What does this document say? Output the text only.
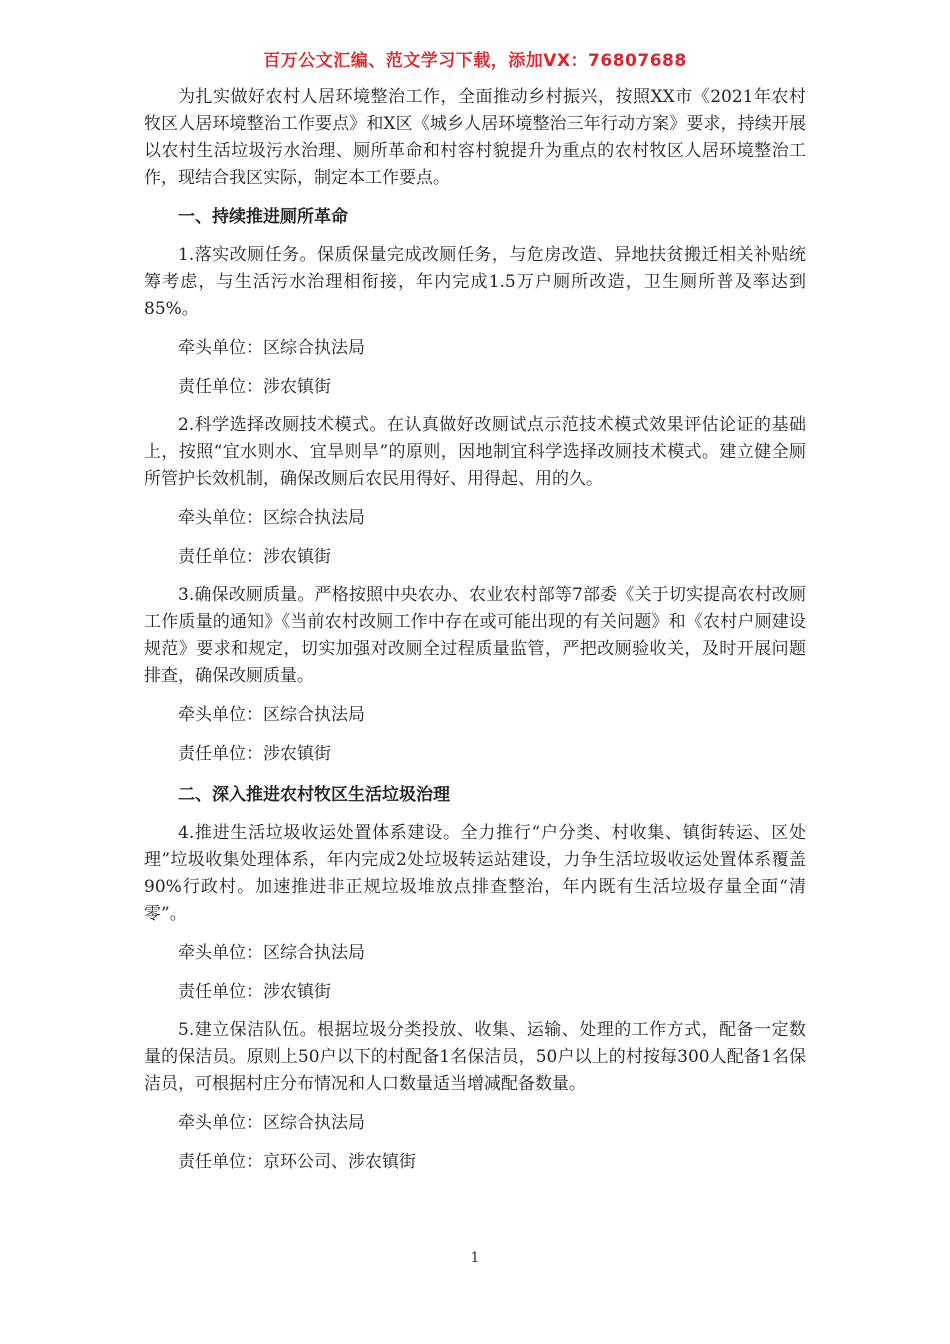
百万公文汇编、范文学习下载，添加VX：76807688

为扎实做好农村人居环境整治工作，全面推动乡村振兴，按照XX市《2021年农村牧区人居环境整治工作要点》和X区《城乡人居环境整治三年行动方案》要求，持续开展以农村生活垃圾污水治理、厕所革命和村容村貌提升为重点的农村牧区人居环境整治工作，现结合我区实际，制定本工作要点。

一、持续推进厕所革命

1.落实改厕任务。保质保量完成改厕任务，与危房改造、异地扶贫搬迁相关补贴统筹考虑，与生活污水治理相衔接，年内完成1.5万户厕所改造，卫生厕所普及率达到85%。

牵头单位：区综合执法局

责任单位：涉农镇街

2.科学选择改厕技术模式。在认真做好改厕试点示范技术模式效果评估论证的基础上，按照“宜水则水、宜旱则旱”的原则，因地制宜科学选择改厕技术模式。建立健全厕所管护长效机制，确保改厕后农民用得好、用得起、用的久。

牵头单位：区综合执法局

责任单位：涉农镇街

3.确保改厕质量。严格按照中央农办、农业农村部等7部委《关于切实提高农村改厕工作质量的通知》《当前农村改厕工作中存在或可能出现的有关问题》和《农村户厕建设规范》要求和规定，切实加强对改厕全过程质量监管，严把改厕验收关，及时开展问题排查，确保改厕质量。

牵头单位：区综合执法局

责任单位：涉农镇街

二、深入推进农村牧区生活垃圾治理

4.推进生活垃圾收运处置体系建设。全力推行“户分类、村收集、镇街转运、区处理”垃圾收集处理体系，年内完成2处垃圾转运站建设，力争生活垃圾收运处置体系覆盖90%行政村。加速推进非正规垃圾堆放点排查整治，年内既有生活垃圾存量全面“清零”。

牵头单位：区综合执法局

责任单位：涉农镇街

5.建立保洁队伍。根据垃圾分类投放、收集、运输、处理的工作方式，配备一定数量的保洁员。原则上50户以下的村配备1名保洁员，50户以上的村按每300人配备1名保洁员，可根据村庄分布情况和人口数量适当增减配备数量。

牵头单位：区综合执法局

责任单位：京环公司、涉农镇街

1
